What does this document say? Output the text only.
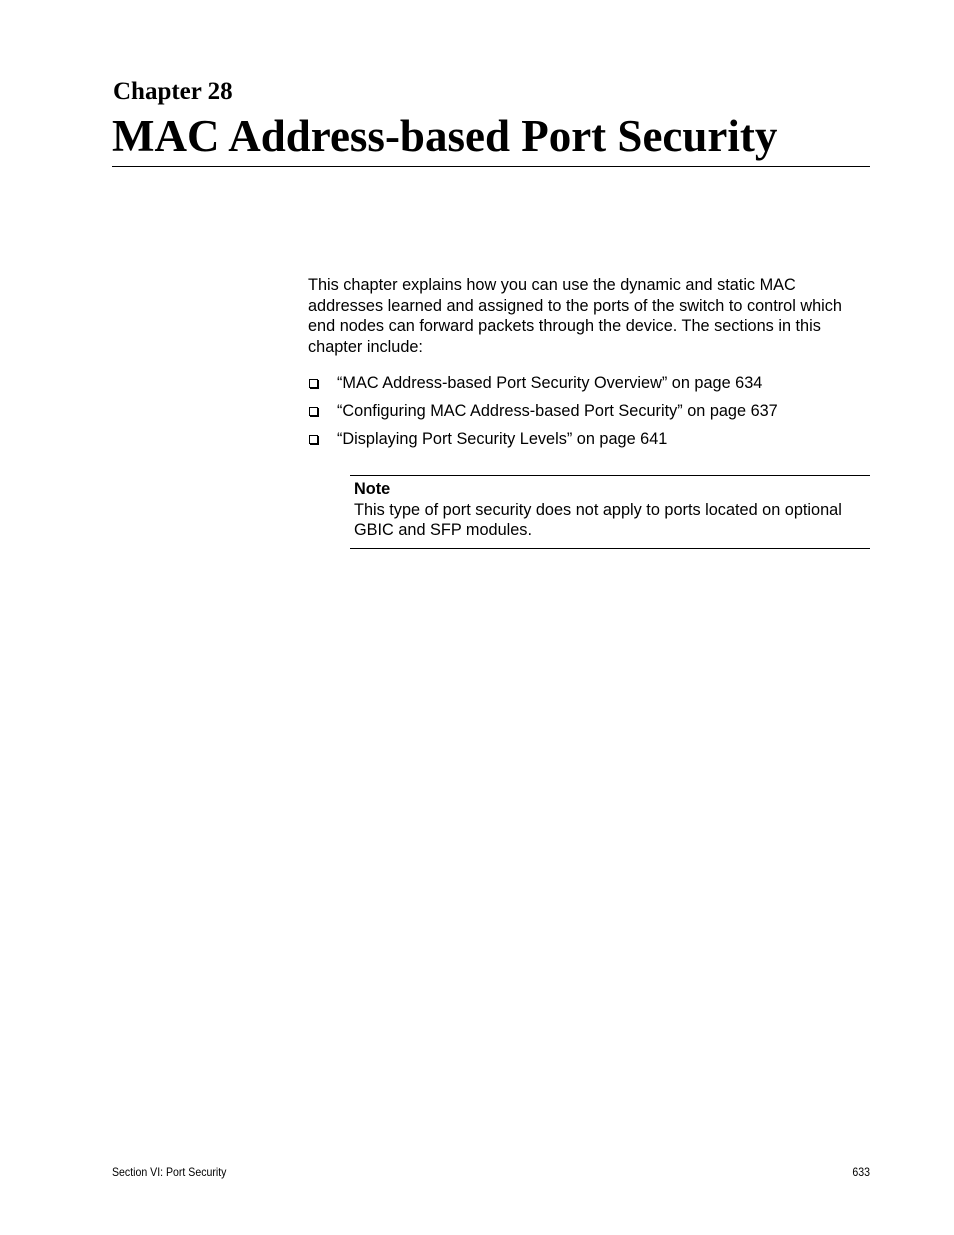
Chapter 28
MAC Address-based Port Security

This chapter explains how you can use the dynamic and static MAC addresses learned and assigned to the ports of the switch to control which end nodes can forward packets through the device. The sections in this chapter include:

“MAC Address-based Port Security Overview” on page 634
“Configuring MAC Address-based Port Security” on page 637
“Displaying Port Security Levels” on page 641
Note
This type of port security does not apply to ports located on optional GBIC and SFP modules.
Section VI: Port Security	633
